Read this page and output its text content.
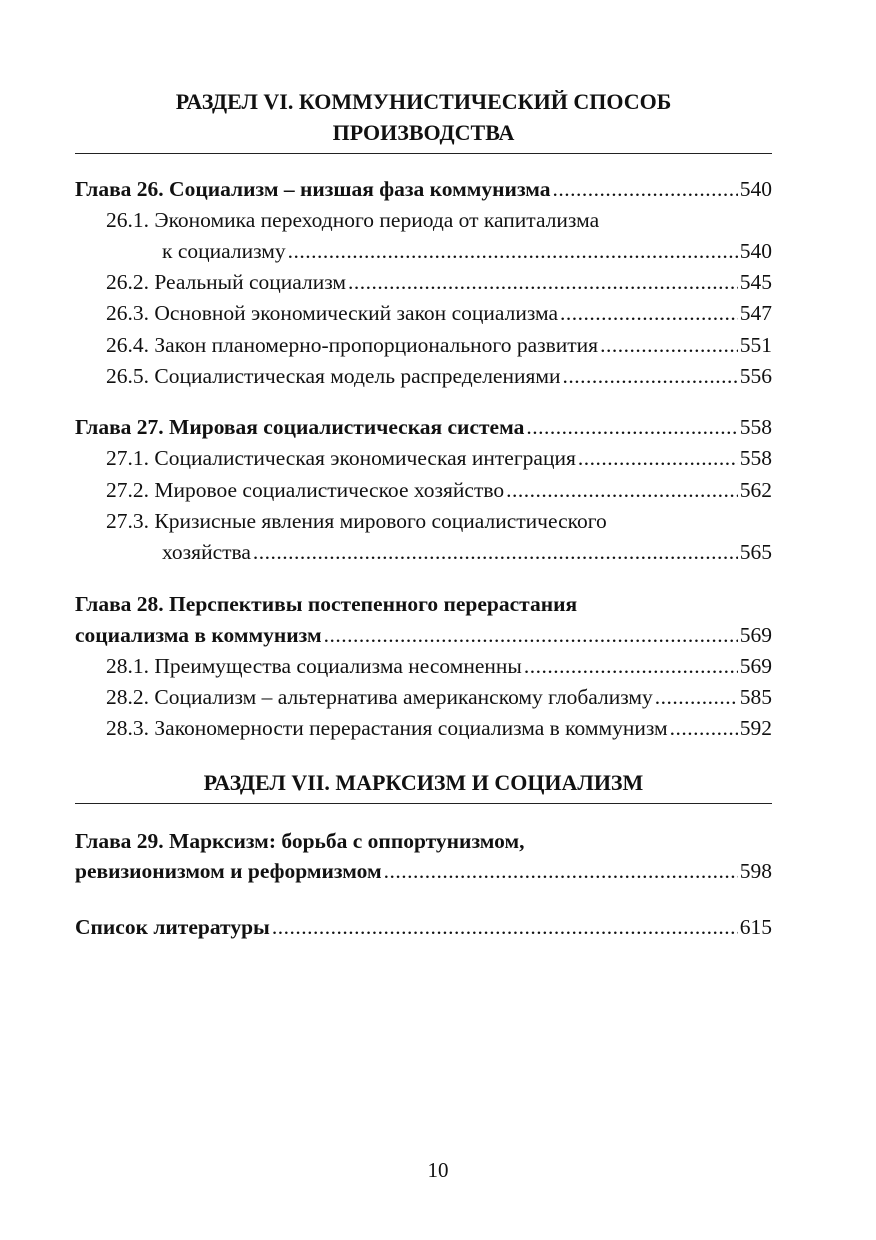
РАЗДЕЛ VI. КОММУНИСТИЧЕСКИЙ СПОСОБ
ПРОИЗВОДСТВА
Глава 26. Социализм – низшая фаза коммунизма .....	540
26.1. Экономика переходного периода от капитализма
к социализму .....	540
26.2. Реальный социализм .....	545
26.3. Основной экономический закон социализма .....	547
26.4. Закон планомерно-пропорционального развития .....	551
26.5. Социалистическая модель распределениями .....	556
Глава 27. Мировая социалистическая система .....	558
27.1. Социалистическая экономическая интеграция .....	558
27.2. Мировое социалистическое хозяйство .....	562
27.3. Кризисные явления мирового социалистического
хозяйства .....	565
Глава 28. Перспективы постепенного перерастания
социализма в коммунизм .....	569
28.1. Преимущества социализма несомненны .....	569
28.2. Социализм – альтернатива американскому глобализму .....	585
28.3. Закономерности перерастания социализма в коммунизм .....	592
РАЗДЕЛ VII. МАРКСИЗМ И СОЦИАЛИЗМ
Глава 29. Марксизм: борьба с оппортунизмом,
ревизионизмом и реформизмом .....	598
Список литературы .....	615
10
